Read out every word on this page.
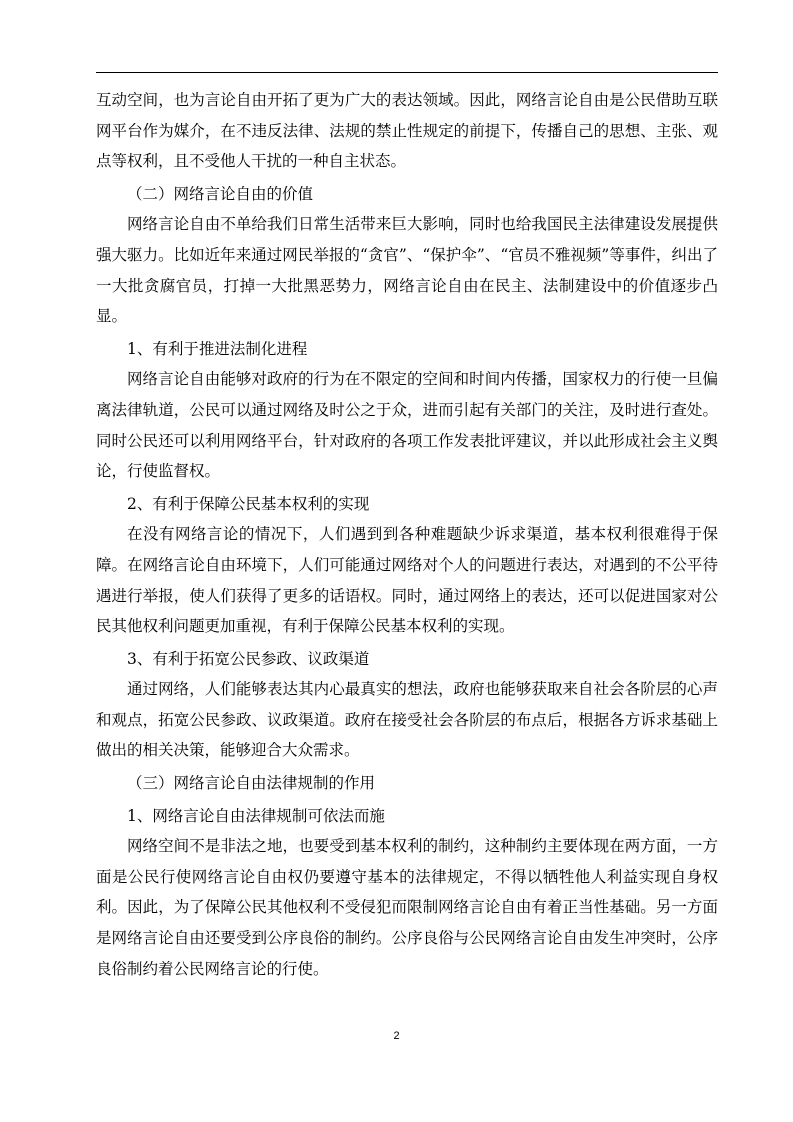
互动空间，也为言论自由开拓了更为广大的表达领域。因此，网络言论自由是公民借助互联网平台作为媒介，在不违反法律、法规的禁止性规定的前提下，传播自己的思想、主张、观点等权利，且不受他人干扰的一种自主状态。

（二）网络言论自由的价值

网络言论自由不单给我们日常生活带来巨大影响，同时也给我国民主法律建设发展提供强大驱力。比如近年来通过网民举报的“贪官”、“保护伞”、“官员不雅视频”等事件，纠出了一大批贪腐官员，打掉一大批黑恶势力，网络言论自由在民主、法制建设中的价值逐步凸显。

1、有利于推进法制化进程

网络言论自由能够对政府的行为在不限定的空间和时间内传播，国家权力的行使一旦偏离法律轨道，公民可以通过网络及时公之于众，进而引起有关部门的关注，及时进行查处。同时公民还可以利用网络平台，针对政府的各项工作发表批评建议，并以此形成社会主义舆论，行使监督权。

2、有利于保障公民基本权利的实现

在没有网络言论的情况下，人们遇到到各种难题缺少诉求渠道，基本权利很难得于保障。在网络言论自由环境下，人们可能通过网络对个人的问题进行表达，对遇到的不公平待遇进行举报，使人们获得了更多的话语权。同时，通过网络上的表达，还可以促进国家对公民其他权利问题更加重视，有利于保障公民基本权利的实现。

3、有利于拓宽公民参政、议政渠道

通过网络，人们能够表达其内心最真实的想法，政府也能够获取来自社会各阶层的心声和观点，拓宽公民参政、议政渠道。政府在接受社会各阶层的布点后，根据各方诉求基础上做出的相关决策，能够迎合大众需求。

（三）网络言论自由法律规制的作用

1、网络言论自由法律规制可依法而施

网络空间不是非法之地，也要受到基本权利的制约，这种制约主要体现在两方面，一方面是公民行使网络言论自由权仍要遵守基本的法律规定，不得以牺牲他人利益实现自身权利。因此，为了保障公民其他权利不受侵犯而限制网络言论自由有着正当性基础。另一方面是网络言论自由还要受到公序良俗的制约。公序良俗与公民网络言论自由发生冲突时，公序良俗制约着公民网络言论的行使。

2
